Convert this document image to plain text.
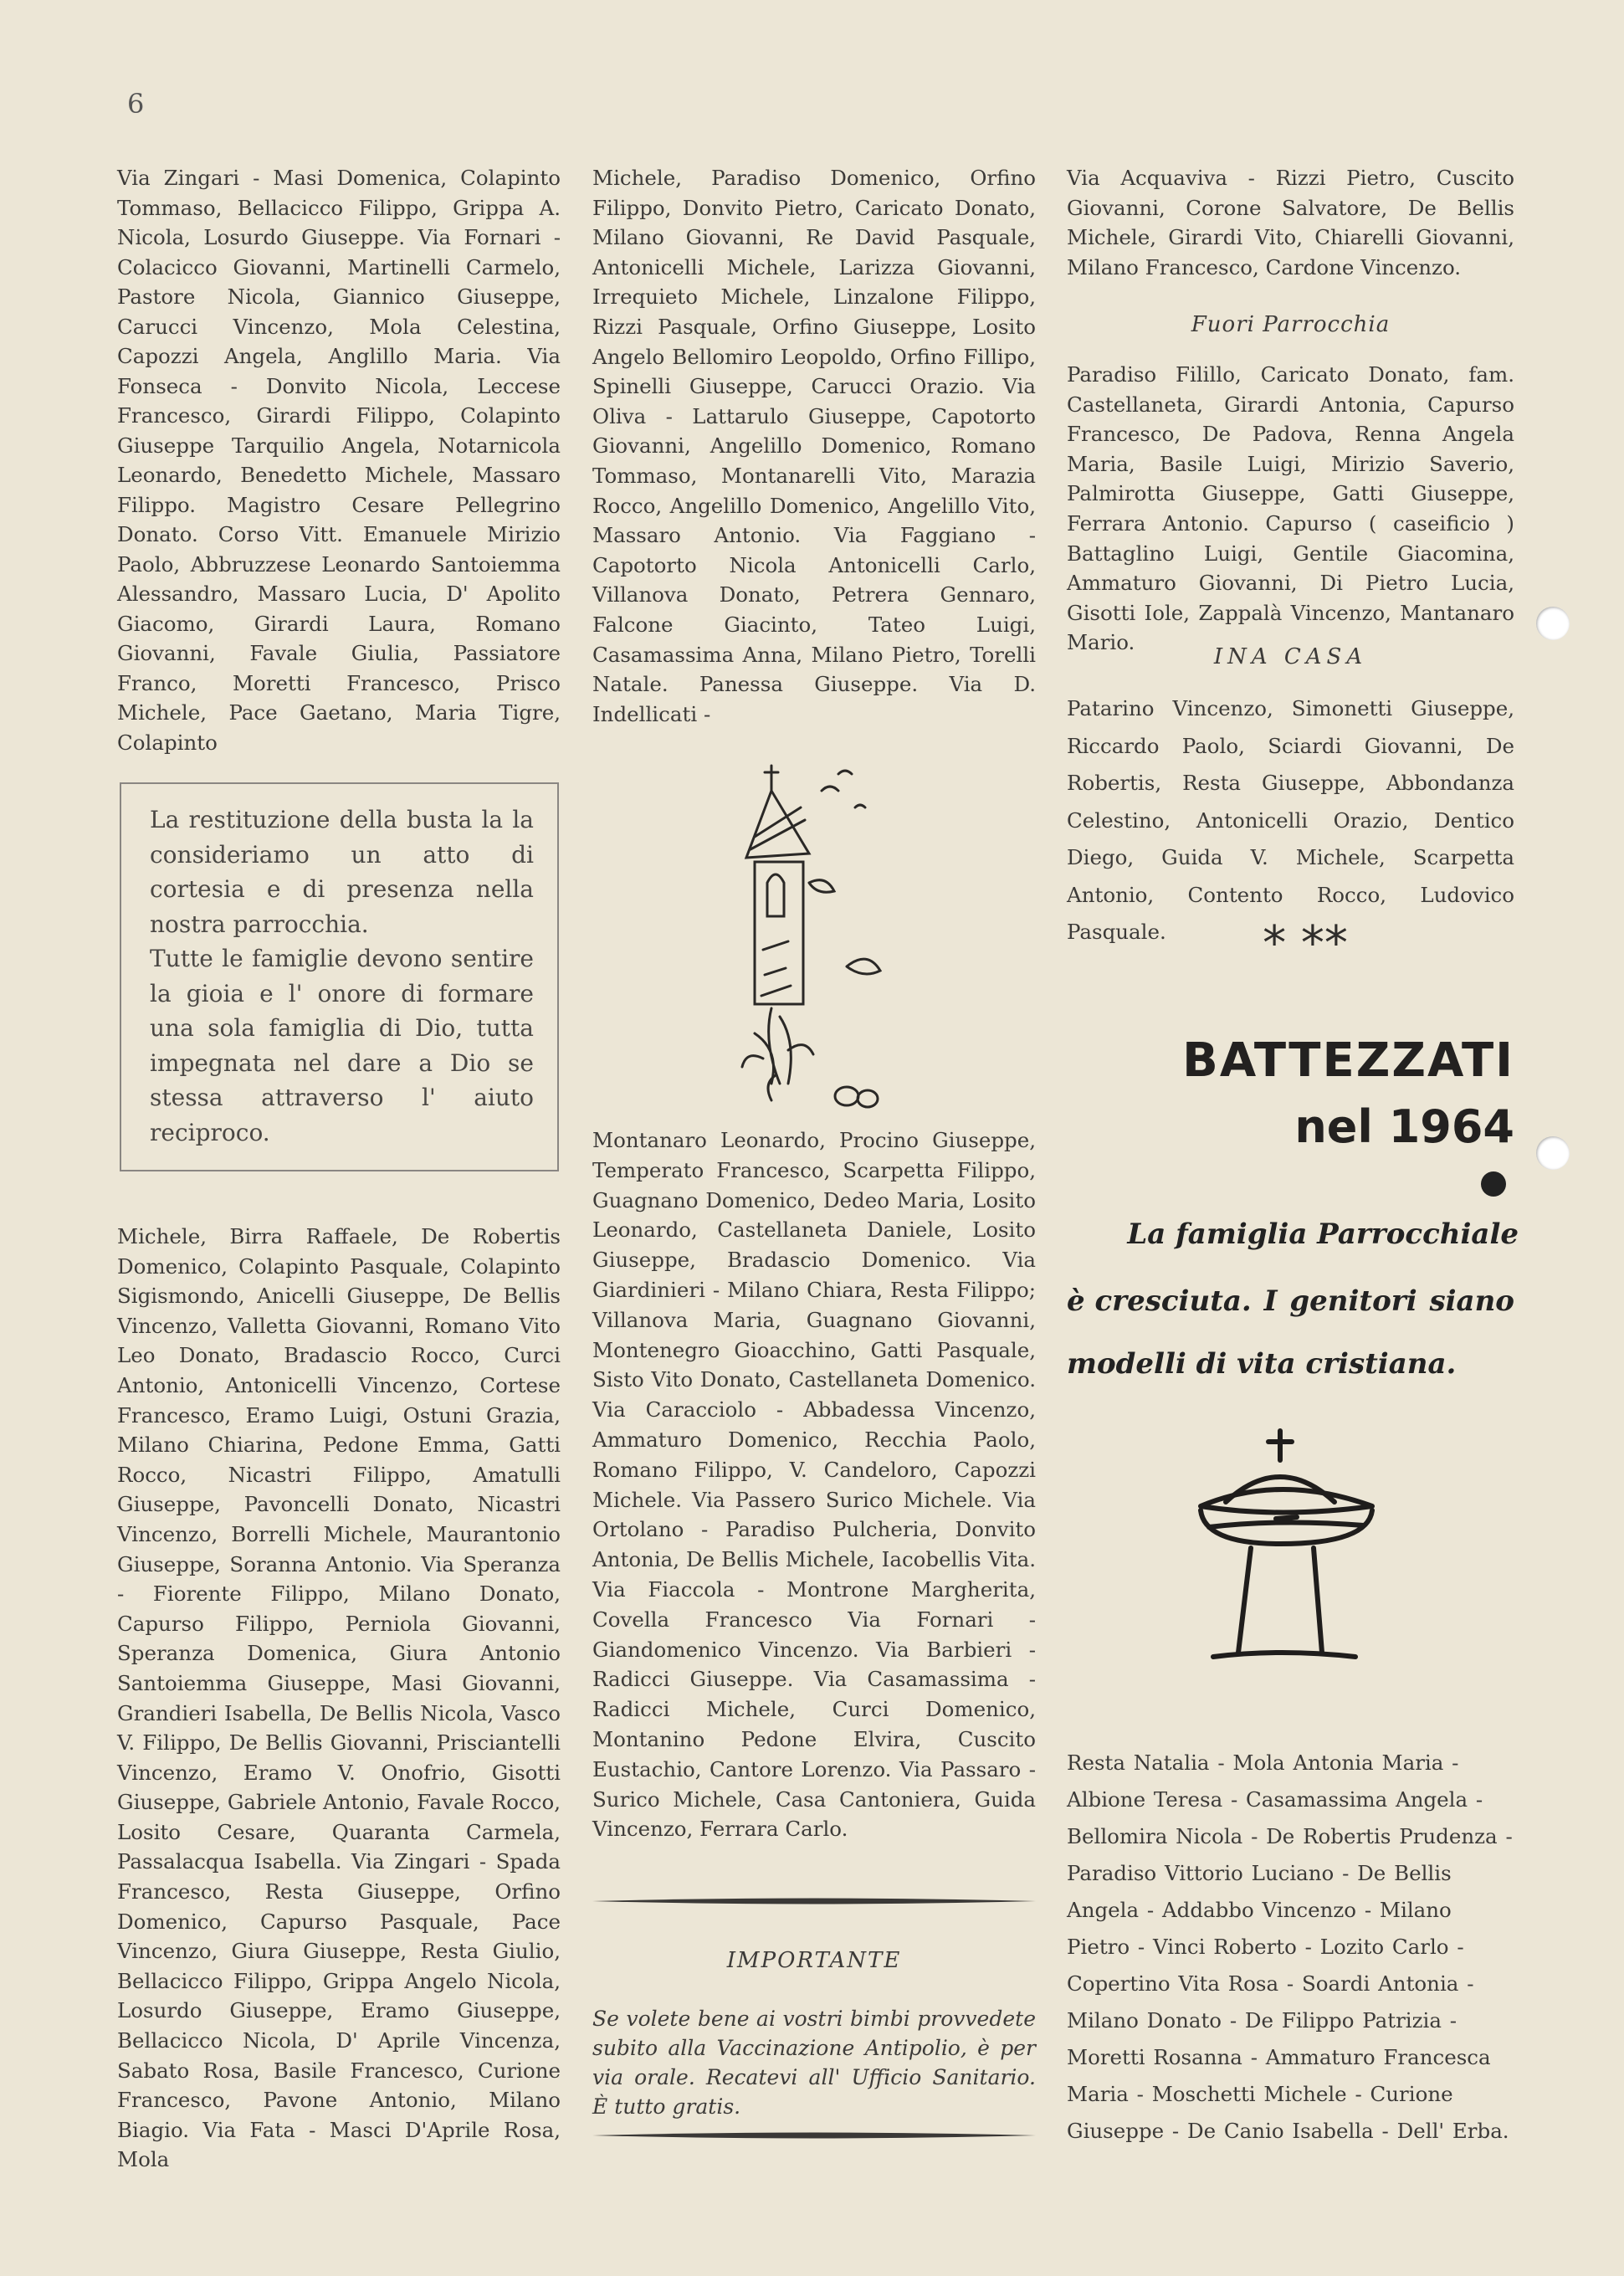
6

Via Zingari - Masi Domenica, Colapinto Tommaso, Bellacicco Filippo, Grippa A. Nicola, Losurdo Giuseppe. Via Fornari - Colacicco Giovanni, Martinelli Carmelo, Pastore Nicola, Giannico Giuseppe, Carucci Vincenzo, Mola Celestina, Capozzi Angela, Anglillo Maria. Via Fonseca - Donvito Nicola, Leccese Francesco, Girardi Filippo, Colapinto Giuseppe Tarquilio Angela, Notarnicola Leonardo, Benedetto Michele, Massaro Filippo. Magistro Cesare Pellegrino Donato. Corso Vitt. Emanuele Mirizio Paolo, Abbruzzese Leonardo Santoiemma Alessandro, Massaro Lucia, D' Apolito Giacomo, Girardi Laura, Romano Giovanni, Favale Giulia, Passiatore Franco, Moretti Francesco, Prisco Michele, Pace Gaetano, Maria Tigre, Colapinto

La restituzione della busta la la consideriamo un atto di cortesia e di presenza nella nostra parrocchia.

Tutte le famiglie devono sentire la gioia e l' onore di formare una sola famiglia di Dio, tutta impegnata nel dare a Dio se stessa attraverso l' aiuto reciproco.

Michele, Birra Raffaele, De Robertis Domenico, Colapinto Pasquale, Colapinto Sigismondo, Anicelli Giuseppe, De Bellis Vincenzo, Valletta Giovanni, Romano Vito Leo Donato, Bradascio Rocco, Curci Antonio, Antonicelli Vincenzo, Cortese Francesco, Eramo Luigi, Ostuni Grazia, Milano Chiarina, Pedone Emma, Gatti Rocco, Nicastri Filippo, Amatulli Giuseppe, Pavoncelli Donato, Nicastri Vincenzo, Borrelli Michele, Maurantonio Giuseppe, Soranna Antonio. Via Speranza - Fiorente Filippo, Milano Donato, Capurso Filippo, Perniola Giovanni, Speranza Domenica, Giura Antonio Santoiemma Giuseppe, Masi Giovanni, Grandieri Isabella, De Bellis Nicola, Vasco V. Filippo, De Bellis Giovanni, Prisciantelli Vincenzo, Eramo V. Onofrio, Gisotti Giuseppe, Gabriele Antonio, Favale Rocco, Losito Cesare, Quaranta Carmela, Passalacqua Isabella. Via Zingari - Spada Francesco, Resta Giuseppe, Orfino Domenico, Capurso Pasquale, Pace Vincenzo, Giura Giuseppe, Resta Giulio, Bellacicco Filippo, Grippa Angelo Nicola, Losurdo Giuseppe, Eramo Giuseppe, Bellacicco Nicola, D' Aprile Vincenza, Sabato Rosa, Basile Francesco, Curione Francesco, Pavone Antonio, Milano Biagio. Via Fata - Masci D'Aprile Rosa, Mola

Michele, Paradiso Domenico, Orfino Filippo, Donvito Pietro, Caricato Donato, Milano Giovanni, Re David Pasquale, Antonicelli Michele, Larizza Giovanni, Irrequieto Michele, Linzalone Filippo, Rizzi Pasquale, Orfino Giuseppe, Losito Angelo Bellomiro Leopoldo, Orfino Fillipo, Spinelli Giuseppe, Carucci Orazio. Via Oliva - Lattarulo Giuseppe, Capotorto Giovanni, Angelillo Domenico, Romano Tommaso, Montanarelli Vito, Marazia Rocco, Angelillo Domenico, Angelillo Vito, Massaro Antonio. Via Faggiano - Capotorto Nicola Antonicelli Carlo, Villanova Donato, Petrera Gennaro, Falcone Giacinto, Tateo Luigi, Casamassima Anna, Milano Pietro, Torelli Natale. Panessa Giuseppe. Via D. Indellicati -

Montanaro Leonardo, Procino Giuseppe, Temperato Francesco, Scarpetta Filippo, Guagnano Domenico, Dedeo Maria, Losito Leonardo, Castellaneta Daniele, Losito Giuseppe, Bradascio Domenico. Via Giardinieri - Milano Chiara, Resta Filippo; Villanova Maria, Guagnano Giovanni, Montenegro Gioacchino, Gatti Pasquale, Sisto Vito Donato, Castellaneta Domenico. Via Caracciolo - Abbadessa Vincenzo, Ammaturo Domenico, Recchia Paolo, Romano Filippo, V. Candeloro, Capozzi Michele. Via Passero Surico Michele. Via Ortolano - Paradiso Pulcheria, Donvito Antonia, De Bellis Michele, Iacobellis Vita. Via Fiaccola - Montrone Margherita, Covella Francesco Via Fornari - Giandomenico Vincenzo. Via Barbieri - Radicci Giuseppe. Via Casamassima - Radicci Michele, Curci Domenico, Montanino Pedone Elvira, Cuscito Eustachio, Cantore Lorenzo. Via Passaro - Surico Michele, Casa Cantoniera, Guida Vincenzo, Ferrara Carlo.

IMPORTANTE
Se volete bene ai vostri bimbi provvedete subito alla Vaccinazione Antipolio, è per via orale. Recatevi all' Ufficio Sanitario. È tutto gratis.

Via Acquaviva - Rizzi Pietro, Cuscito Giovanni, Corone Salvatore, De Bellis Michele, Girardi Vito, Chiarelli Giovanni, Milano Francesco, Cardone Vincenzo.

Fuori Parrocchia

Paradiso Filillo, Caricato Donato, fam. Castellaneta, Girardi Antonia, Capurso Francesco, De Padova, Renna Angela Maria, Basile Luigi, Mirizio Saverio, Palmirotta Giuseppe, Gatti Giuseppe, Ferrara Antonio. Capurso ( caseificio ) Battaglino Luigi, Gentile Giacomina, Ammaturo Giovanni, Di Pietro Lucia, Gisotti Iole, Zappalà Vincenzo, Mantanaro Mario.

INA CASA

Patarino Vincenzo, Simonetti Giuseppe, Riccardo Paolo, Sciardi Giovanni, De Robertis, Resta Giuseppe, Abbondanza Celestino, Antonicelli Orazio, Dentico Diego, Guida V. Michele, Scarpetta Antonio, Contento Rocco, Ludovico Pasquale.	* **
BATTEZZATI
nel 1964
La famiglia Parrocchiale
è cresciuta. I genitori siano
modelli di vita cristiana.

Resta Natalia - Mola Antonia Maria - Albione Teresa - Casamassima Angela - Bellomira Nicola - De Robertis Prudenza - Paradiso Vittorio Luciano - De Bellis Angela - Addabbo Vincenzo - Milano Pietro - Vinci Roberto - Lozito Carlo - Copertino Vita Rosa - Soardi Antonia - Milano Donato - De Filippo Patrizia - Moretti Rosanna - Ammaturo Francesca Maria - Moschetti Michele - Curione Giuseppe - De Canio Isabella - Dell' Erba.
